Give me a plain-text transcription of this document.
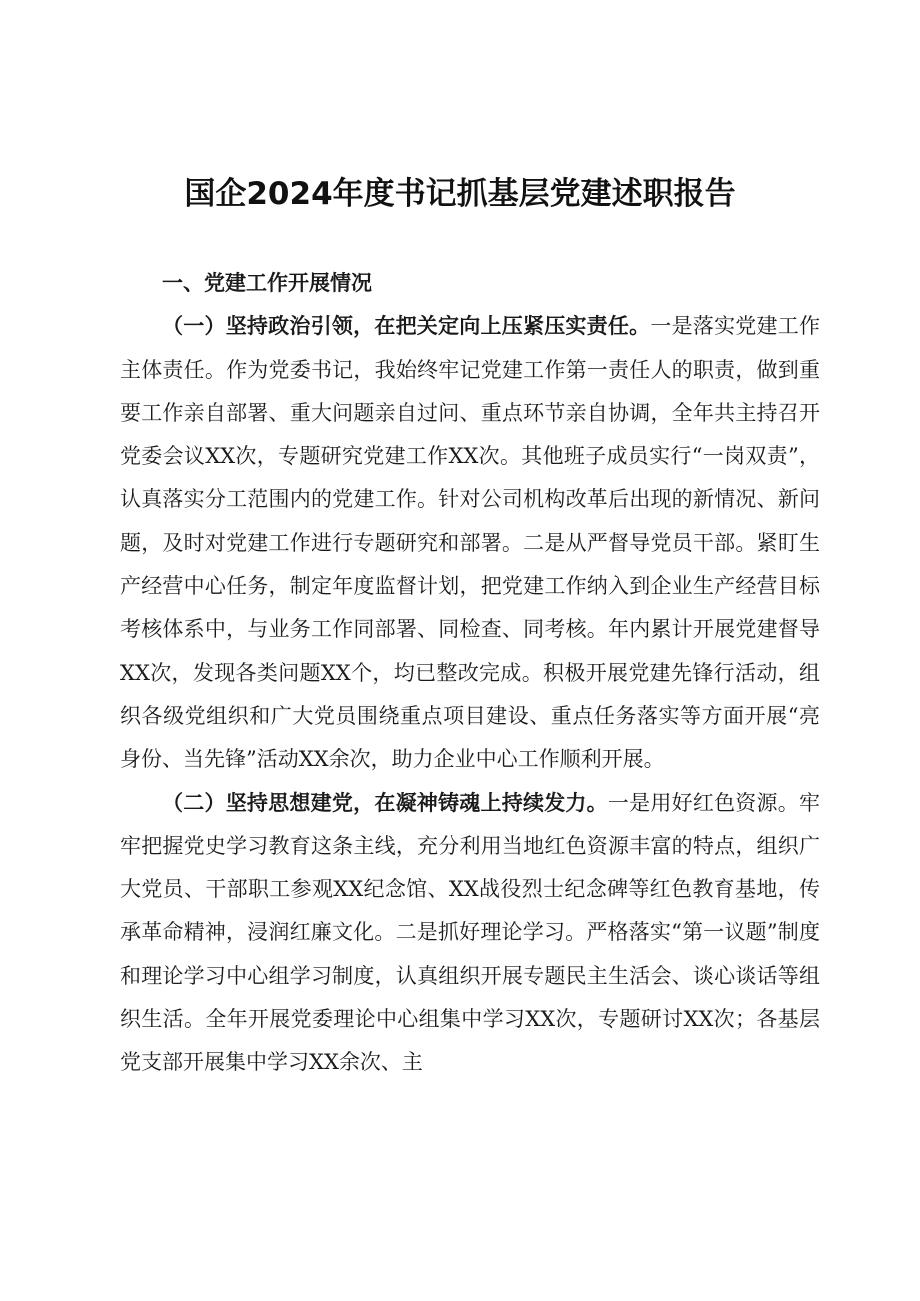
国企2024年度书记抓基层党建述职报告

一、党建工作开展情况

（一）坚持政治引领，在把关定向上压紧压实责任。一是落实党建工作主体责任。作为党委书记，我始终牢记党建工作第一责任人的职责，做到重要工作亲自部署、重大问题亲自过问、重点环节亲自协调，全年共主持召开党委会议XX次，专题研究党建工作XX次。其他班子成员实行“一岗双责”，认真落实分工范围内的党建工作。针对公司机构改革后出现的新情况、新问题，及时对党建工作进行专题研究和部署。二是从严督导党员干部。紧盯生产经营中心任务，制定年度监督计划，把党建工作纳入到企业生产经营目标考核体系中，与业务工作同部署、同检查、同考核。年内累计开展党建督导XX次，发现各类问题XX个，均已整改完成。积极开展党建先锋行活动，组织各级党组织和广大党员围绕重点项目建设、重点任务落实等方面开展“亮身份、当先锋”活动XX余次，助力企业中心工作顺利开展。

（二）坚持思想建党，在凝神铸魂上持续发力。一是用好红色资源。牢牢把握党史学习教育这条主线，充分利用当地红色资源丰富的特点，组织广大党员、干部职工参观XX纪念馆、XX战役烈士纪念碑等红色教育基地，传承革命精神，浸润红廉文化。二是抓好理论学习。严格落实“第一议题”制度和理论学习中心组学习制度，认真组织开展专题民主生活会、谈心谈话等组织生活。全年开展党委理论中心组集中学习XX次，专题研讨XX次；各基层党支部开展集中学习XX余次、主
